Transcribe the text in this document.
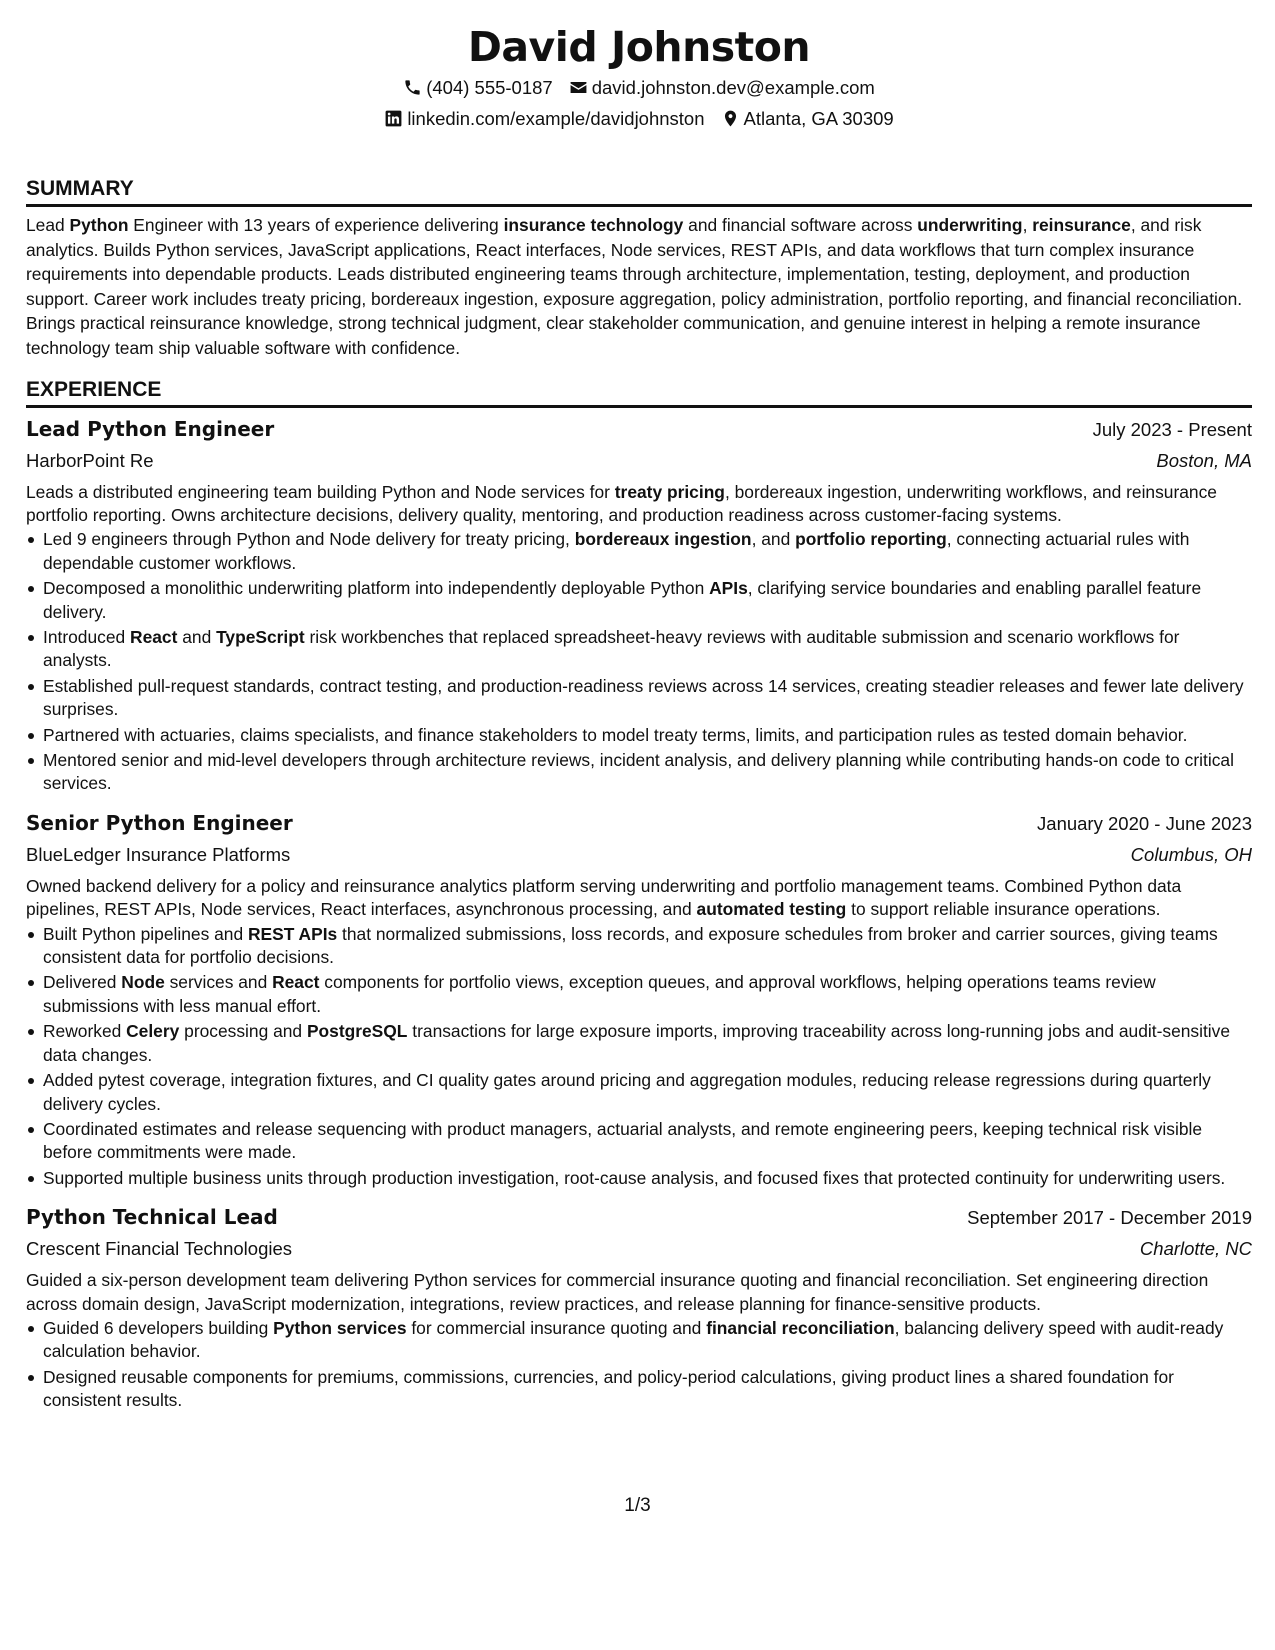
David Johnston
(404) 555-0187 david.johnston.dev@example.com
linkedin.com/example/davidjohnston Atlanta, GA 30309
SUMMARY

Lead Python Engineer with 13 years of experience delivering insurance technology and financial software across underwriting, reinsurance, and risk analytics. Builds Python services, JavaScript applications, React interfaces, Node services, REST APIs, and data workflows that turn complex insurance requirements into dependable products. Leads distributed engineering teams through architecture, implementation, testing, deployment, and production support. Career work includes treaty pricing, bordereaux ingestion, exposure aggregation, policy administration, portfolio reporting, and financial reconciliation. Brings practical reinsurance knowledge, strong technical judgment, clear stakeholder communication, and genuine interest in helping a remote insurance technology team ship valuable software with confidence.

EXPERIENCE
Lead Python Engineer	July 2023 - Present
HarborPoint Re	Boston, MA

Leads a distributed engineering team building Python and Node services for treaty pricing, bordereaux ingestion, underwriting workflows, and reinsurance portfolio reporting. Owns architecture decisions, delivery quality, mentoring, and production readiness across customer-facing systems.

Led 9 engineers through Python and Node delivery for treaty pricing, bordereaux ingestion, and portfolio reporting, connecting actuarial rules with dependable customer workflows.
Decomposed a monolithic underwriting platform into independently deployable Python APIs, clarifying service boundaries and enabling parallel feature delivery.
Introduced React and TypeScript risk workbenches that replaced spreadsheet-heavy reviews with auditable submission and scenario workflows for analysts.
Established pull-request standards, contract testing, and production-readiness reviews across 14 services, creating steadier releases and fewer late delivery surprises.
Partnered with actuaries, claims specialists, and finance stakeholders to model treaty terms, limits, and participation rules as tested domain behavior.
Mentored senior and mid-level developers through architecture reviews, incident analysis, and delivery planning while contributing hands-on code to critical services.
Senior Python Engineer	January 2020 - June 2023
BlueLedger Insurance Platforms	Columbus, OH

Owned backend delivery for a policy and reinsurance analytics platform serving underwriting and portfolio management teams. Combined Python data pipelines, REST APIs, Node services, React interfaces, asynchronous processing, and automated testing to support reliable insurance operations.

Built Python pipelines and REST APIs that normalized submissions, loss records, and exposure schedules from broker and carrier sources, giving teams consistent data for portfolio decisions.
Delivered Node services and React components for portfolio views, exception queues, and approval workflows, helping operations teams review submissions with less manual effort.
Reworked Celery processing and PostgreSQL transactions for large exposure imports, improving traceability across long-running jobs and audit-sensitive data changes.
Added pytest coverage, integration fixtures, and CI quality gates around pricing and aggregation modules, reducing release regressions during quarterly delivery cycles.
Coordinated estimates and release sequencing with product managers, actuarial analysts, and remote engineering peers, keeping technical risk visible before commitments were made.
Supported multiple business units through production investigation, root-cause analysis, and focused fixes that protected continuity for underwriting users.
Python Technical Lead	September 2017 - December 2019
Crescent Financial Technologies	Charlotte, NC

Guided a six-person development team delivering Python services for commercial insurance quoting and financial reconciliation. Set engineering direction across domain design, JavaScript modernization, integrations, review practices, and release planning for finance-sensitive products.

Guided 6 developers building Python services for commercial insurance quoting and financial reconciliation, balancing delivery speed with audit-ready calculation behavior.
Designed reusable components for premiums, commissions, currencies, and policy-period calculations, giving product lines a shared foundation for consistent results.
1/3
